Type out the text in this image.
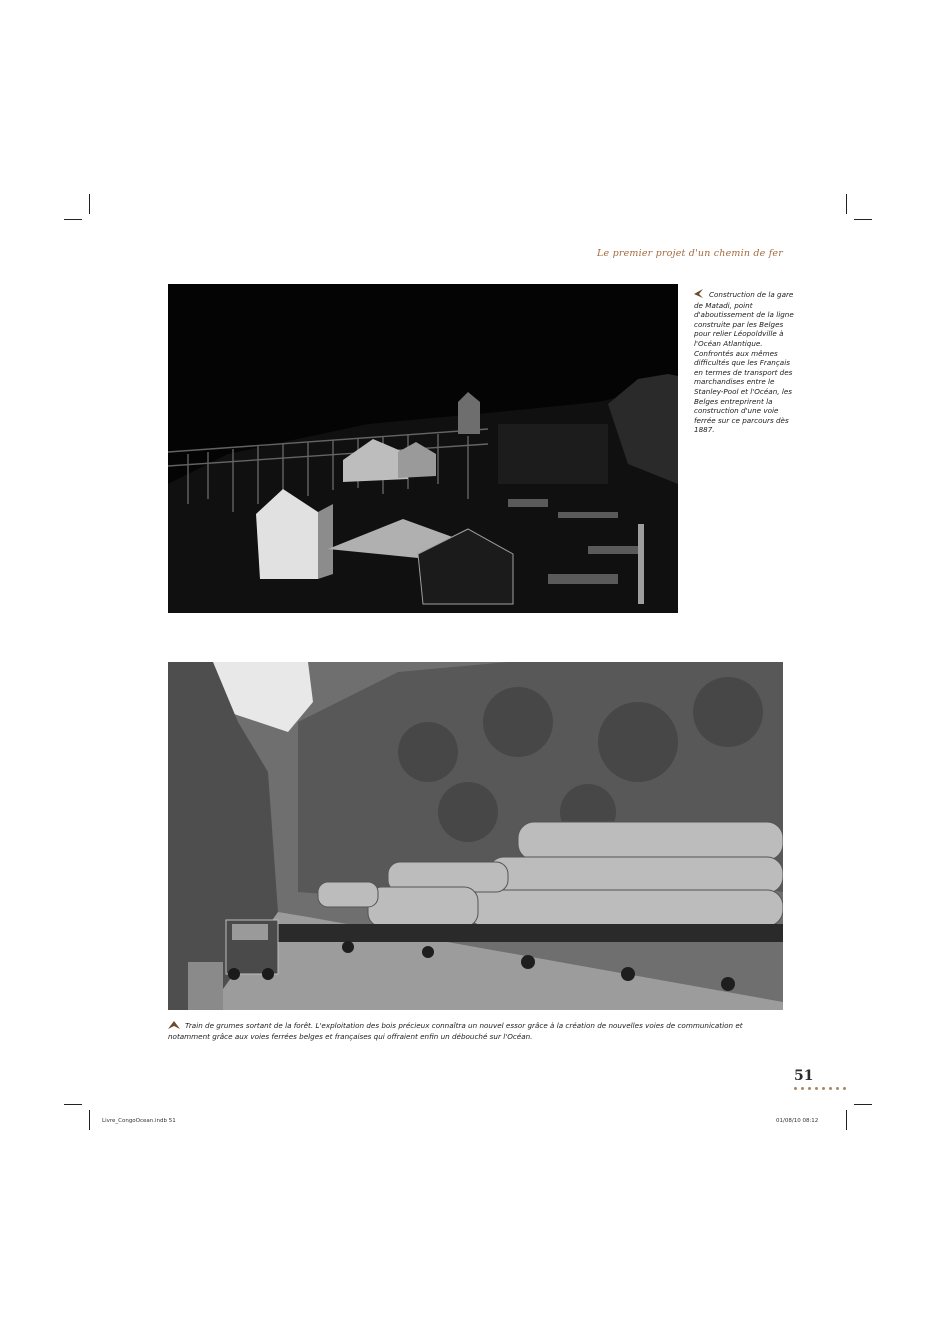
Le premier projet d'un chemin de fer
Construction de la gare de Matadi, point d'aboutissement de la ligne construite par les Belges pour relier Léopoldville à l'Océan Atlantique. Confrontés aux mêmes difficultés que les Français en termes de transport des marchandises entre le Stanley-Pool et l'Océan, les Belges entreprirent la construction d'une voie ferrée sur ce parcours dès 1887.
Train de grumes sortant de la forêt. L'exploitation des bois précieux connaîtra un nouvel essor grâce à la création de nouvelles voies de communication et notamment grâce aux voies ferrées belges et françaises qui offraient enfin un débouché sur l'Océan.
51
Livre_CongoOcean.indb 51	01/08/10 08:12
